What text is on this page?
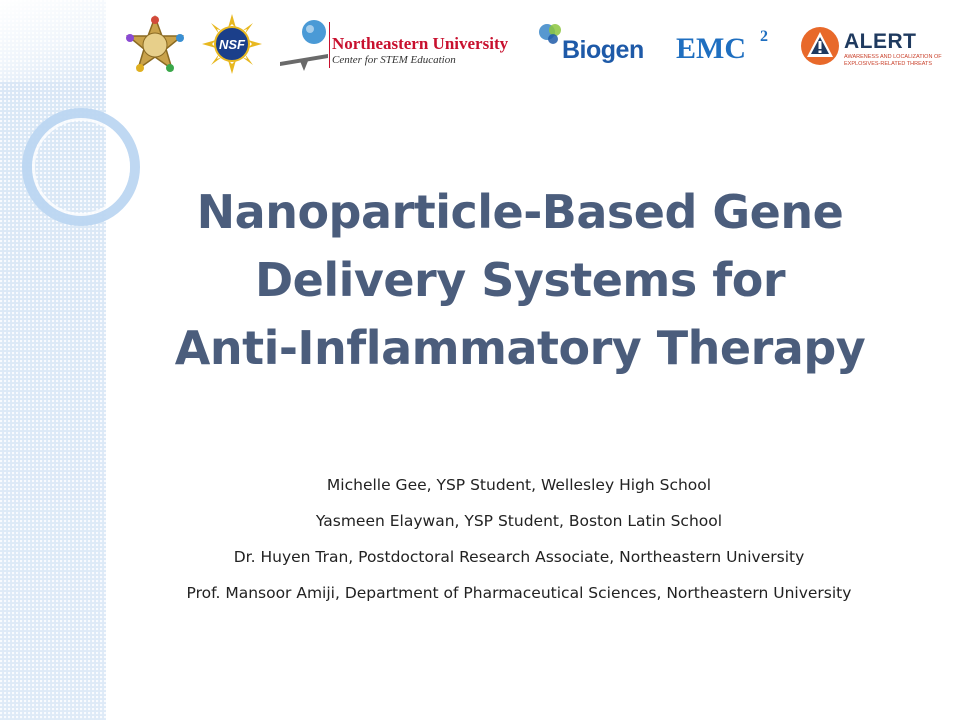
NSF	Northeastern University
Center for STEM Education	Biogen EMC 2	ALERT
AWARENESS AND LOCALIZATION OF EXPLOSIVES-RELATED THREATS
Nanoparticle-Based Gene
Delivery Systems for
Anti-Inflammatory Therapy
Michelle Gee, YSP Student, Wellesley High School
Yasmeen Elaywan, YSP Student, Boston Latin School
Dr. Huyen Tran, Postdoctoral Research Associate, Northeastern University
Prof. Mansoor Amiji, Department of Pharmaceutical Sciences, Northeastern University
